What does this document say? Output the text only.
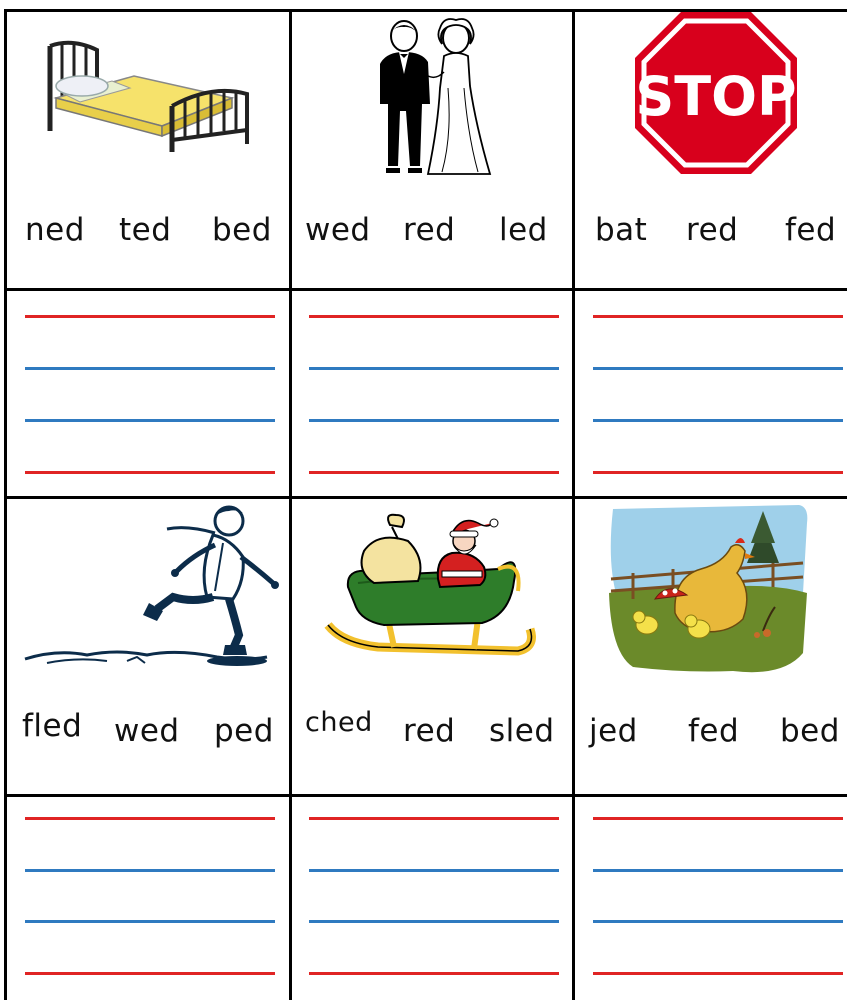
ned ted bed wed red led
STOP
bat red fed
fled wed ped ched red sled jed fed bed
